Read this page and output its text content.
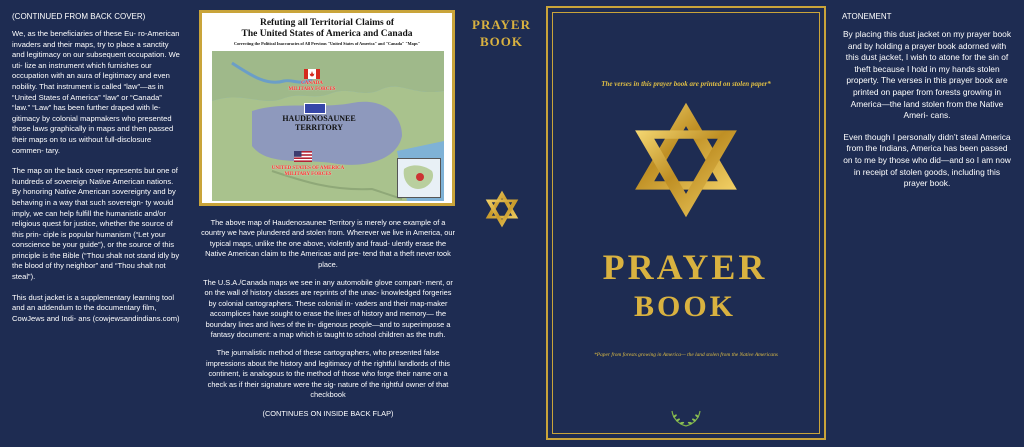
(CONTINUED FROM BACK COVER)

We, as the beneficiaries of these Eu- ro-American invaders and their maps, try to place a sanctity and legitimacy on our subsequent occupation. We uti- lize an instrument which furnishes our occupation with an aura of legitimacy and even nobility. That instrument is called “law”—as in “United States of America” “law” or “Canada” “law.” “Law” has been further draped with le- gitimacy by colonial mapmakers who presented those laws graphically in maps and then passed their maps on to us without full-disclosure commen- tary.

The map on the back cover represents but one of hundreds of sovereign Native American nations. By honoring Native American sovereignty and by behaving in a way that such sovereign- ty would imply, we can help fulfill the humanistic and/or religious quest for justice, whether the source of this prin- ciple is popular humanism (“Let your conscience be your guide”), or the source of this principle is the Bible (“Thou shalt not stand idly by the blood of thy neighbor” and “Thou shalt not steal”).

This dust jacket is a supplementary learning tool and an addendum to the documentary film, CowJews and Indi- ans (cowjewsandindians.com)

Refuting all Territorial Claims of
The United States of America and Canada
Correcting the Political Inaccuracies of All Previous "United States of America" and "Canada" "Maps"
CANADA
MILITARY FORCES
HAUDENOSAUNEE
TERRITORY
UNITED STATES OF AMERICA
MILITARY FORCES

The above map of Haudenosaunee Territory is merely one example of a country we have plundered and stolen from. Wherever we live in America, our typical maps, unlike the one above, violently and fraud- ulently erase the Native American claim to the Americas and pre- tend that a theft never took place.

The U.S.A./Canada maps we see in any automobile glove compart- ment, or on the wall of history classes are reprints of the unac- knowledged forgeries by colonial cartographers. These colonial in- vaders and their map-maker accomplices have sought to erase the lines of history and memory— the boundary lines and lives of the in- digenous people—and to superimpose a fantasy document: a map which is taught to school children as the truth.

The journalistic method of these cartographers, who presented false impressions about the history and legitimacy of the rightful landlords of this continent, is analogous to the method of those who forge their name on a check as if their signature were the sig- nature of the rightful owner of that checkbook

(CONTINUES ON INSIDE BACK FLAP)

PRAYER
BOOK
The verses in this prayer book are printed on stolen paper*
PRAYER
BOOK
*Paper from forests growing in America— the land stolen from the Native Americans
ATONEMENT

By placing this dust jacket on my prayer book and by holding a prayer book adorned with this dust jacket, I wish to atone for the sin of theft because I hold in my hands stolen property. The verses in this prayer book are printed on paper from forests growing in America—the land stolen from the Native Ameri- cans.

Even though I personally didn’t steal America from the Indians, America has been passed on to me by those who did—and so I am now in receipt of stolen goods, including this prayer book.
